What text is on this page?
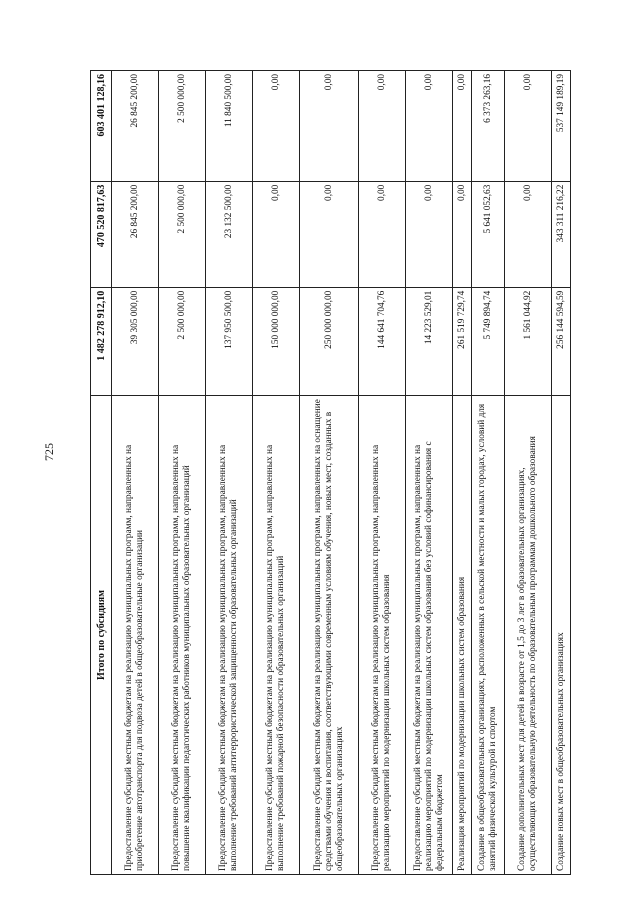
725
Итого по субсидиям	1 482 278 912,10	470 520 817,63	603 401 128,16
Предоставление субсидий местным бюджетам на реализацию муниципальных программ, направленных на приобретение автотранспорта для подвоза детей в общеобразовательные организации	39 305 000,00	26 845 200,00	26 845 200,00
Предоставление субсидий местным бюджетам на реализацию муниципальных программ, направленных на повышение квалификации педагогических работников муниципальных образовательных организаций	2 500 000,00	2 500 000,00	2 500 000,00
Предоставление субсидий местным бюджетам на реализацию муниципальных программ, направленных на выполнение требований антитеррористической защищенности образовательных организаций	137 950 500,00	23 132 500,00	11 840 500,00
Предоставление субсидий местным бюджетам на реализацию муниципальных программ, направленных на выполнение требований пожарной безопасности образовательных организаций	150 000 000,00	0,00	0,00
Предоставление субсидий местным бюджетам на реализацию муниципальных программ, направленных на оснащение средствами обучения и воспитания, соответствующими современным условиям обучения, новых мест, созданных в общеобразовательных организациях	250 000 000,00	0,00	0,00
Предоставление субсидий местным бюджетам на реализацию муниципальных программ, направленных на реализацию мероприятий по модернизации школьных систем образования	144 641 704,76	0,00	0,00
Предоставление субсидий местным бюджетам на реализацию муниципальных программ, направленных на реализацию мероприятий по модернизации школьных систем образования без условий софинансирования с федеральным бюджетом	14 223 529,01	0,00	0,00
Реализация мероприятий по модернизации школьных систем образования	261 519 729,74	0,00	0,00
Создание в общеобразовательных организациях, расположенных в сельской местности и малых городах, условий для занятий физической культурой и спортом	5 749 894,74	5 641 052,63	6 373 263,16
Создание дополнительных мест для детей в возрасте от 1,5 до 3 лет в образовательных организациях, осуществляющих образовательную деятельность по образовательным программам дошкольного образования	1 561 044,92	0,00	0,00
Создание новых мест в общеобразовательных организациях	256 144 594,59	343 311 216,22	537 149 189,19
